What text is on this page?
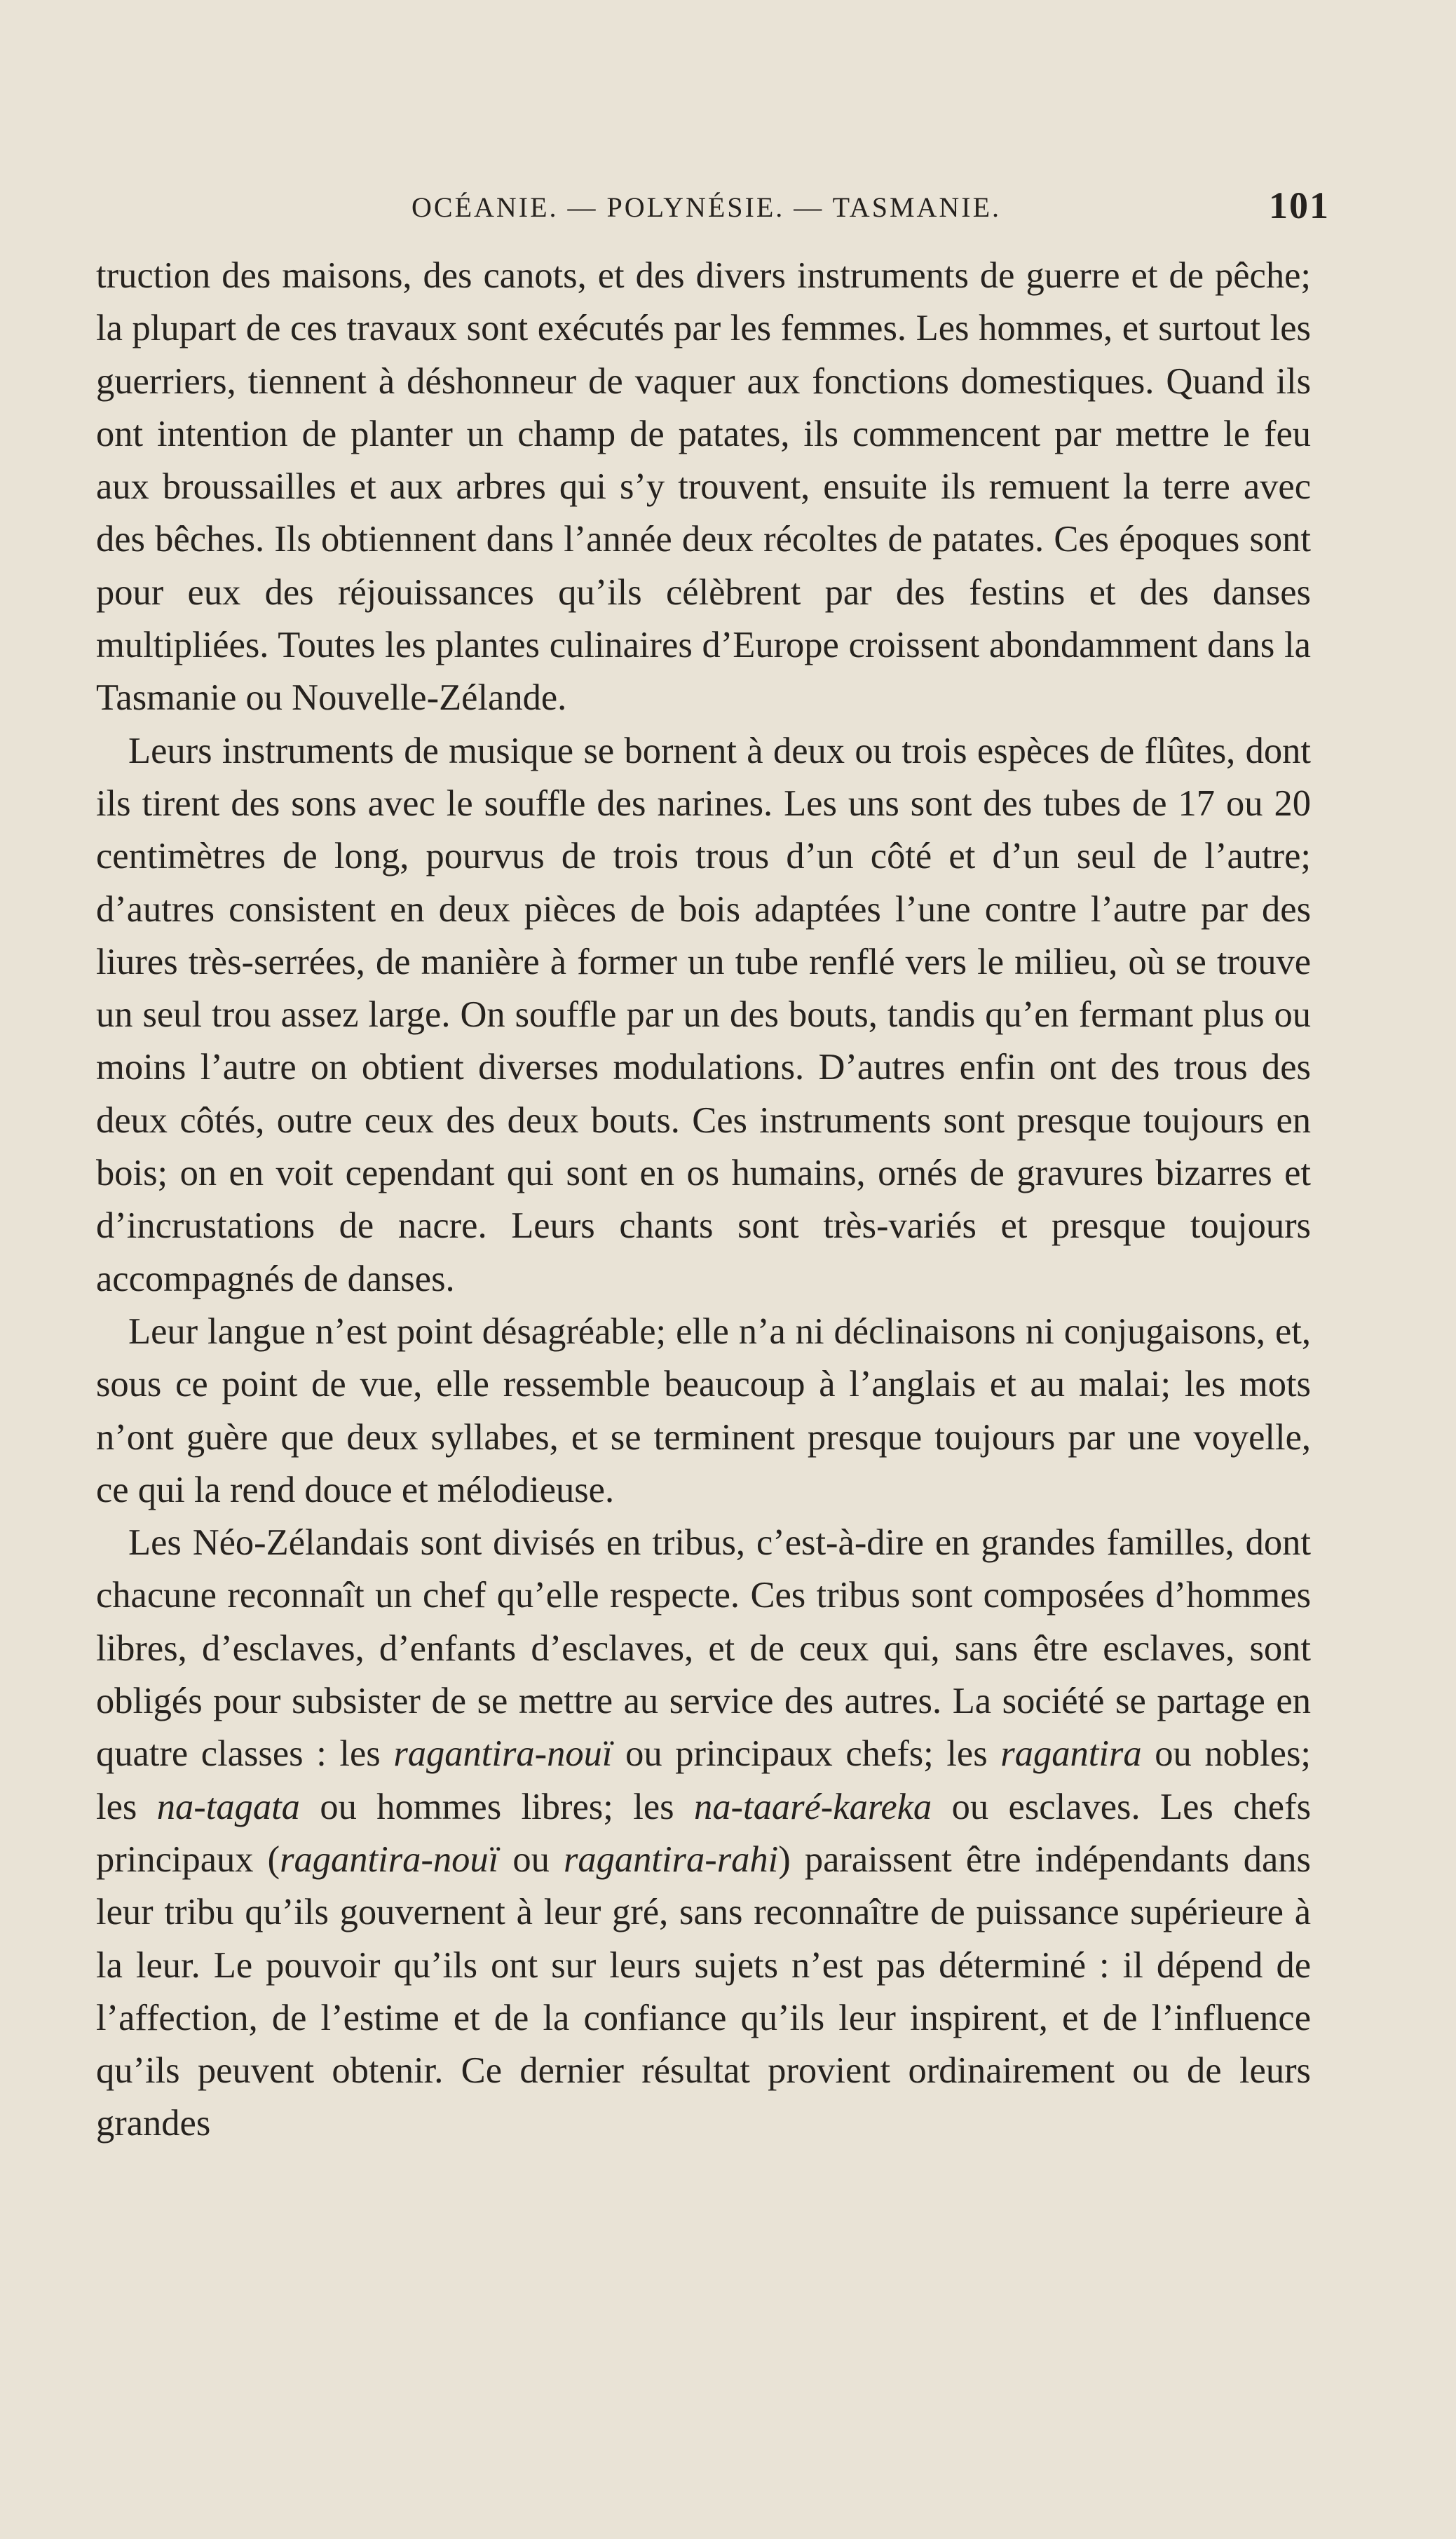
OCÉANIE. — POLYNÉSIE. — TASMANIE.	101

truction des maisons, des canots, et des divers instruments de guerre et de pêche; la plupart de ces travaux sont exécutés par les femmes. Les hommes, et surtout les guerriers, tiennent à déshonneur de vaquer aux fonctions domestiques. Quand ils ont intention de planter un champ de patates, ils commencent par mettre le feu aux broussailles et aux arbres qui s’y trouvent, ensuite ils remuent la terre avec des bêches. Ils obtiennent dans l’année deux récoltes de patates. Ces époques sont pour eux des réjouissances qu’ils célèbrent par des festins et des danses multipliées. Toutes les plantes culinaires d’Europe croissent abondamment dans la Tasmanie ou Nouvelle-Zélande.

Leurs instruments de musique se bornent à deux ou trois espèces de flûtes, dont ils tirent des sons avec le souffle des narines. Les uns sont des tubes de 17 ou 20 centimètres de long, pourvus de trois trous d’un côté et d’un seul de l’autre; d’autres consistent en deux pièces de bois adaptées l’une contre l’autre par des liures très-serrées, de manière à former un tube renflé vers le milieu, où se trouve un seul trou assez large. On souffle par un des bouts, tandis qu’en fermant plus ou moins l’autre on obtient diverses modulations. D’autres enfin ont des trous des deux côtés, outre ceux des deux bouts. Ces instruments sont presque toujours en bois; on en voit cependant qui sont en os humains, ornés de gravures bizarres et d’incrustations de nacre. Leurs chants sont très-variés et presque toujours accompagnés de danses.

Leur langue n’est point désagréable; elle n’a ni déclinaisons ni conjugaisons, et, sous ce point de vue, elle ressemble beaucoup à l’anglais et au malai; les mots n’ont guère que deux syllabes, et se terminent presque toujours par une voyelle, ce qui la rend douce et mélodieuse.

Les Néo-Zélandais sont divisés en tribus, c’est-à-dire en grandes familles, dont chacune reconnaît un chef qu’elle respecte. Ces tribus sont composées d’hommes libres, d’esclaves, d’enfants d’esclaves, et de ceux qui, sans être esclaves, sont obligés pour subsister de se mettre au service des autres. La société se partage en quatre classes : les ragantira-nouï ou principaux chefs; les ragantira ou nobles; les na-tagata ou hommes libres; les na-taaré-kareka ou esclaves. Les chefs principaux (ragantira-nouï ou ragantira-rahi) paraissent être indépendants dans leur tribu qu’ils gouvernent à leur gré, sans reconnaître de puissance supérieure à la leur. Le pouvoir qu’ils ont sur leurs sujets n’est pas déterminé : il dépend de l’affection, de l’estime et de la confiance qu’ils leur inspirent, et de l’influence qu’ils peuvent obtenir. Ce dernier résultat provient ordinairement ou de leurs grandes
